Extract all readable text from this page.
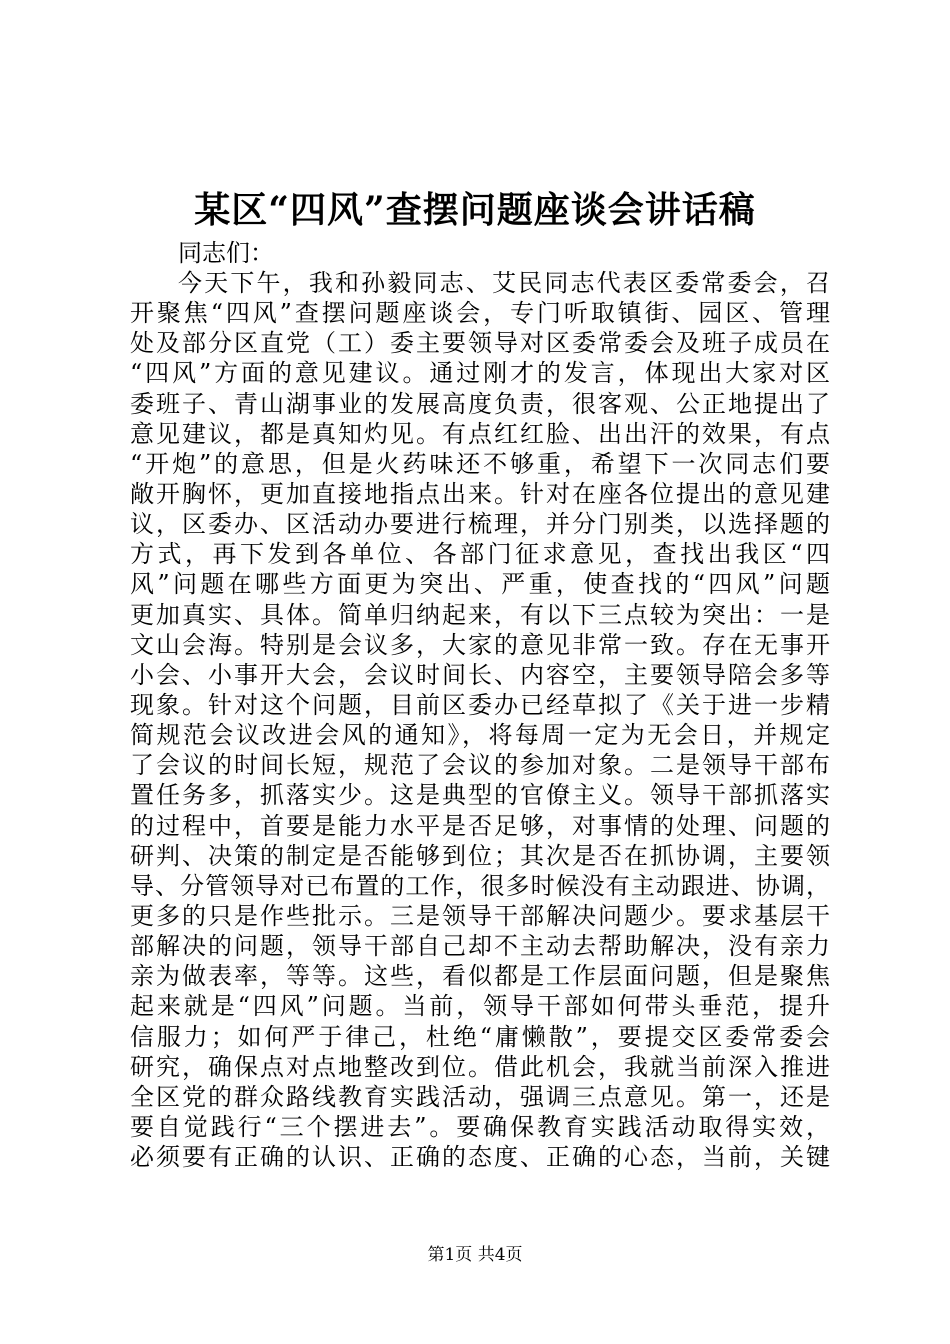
某区“四风”查摆问题座谈会讲话稿
同志们：
今天下午，我和孙毅同志、艾民同志代表区委常委会，召
开聚焦“四风”查摆问题座谈会，专门听取镇街、园区、管理
处及部分区直党（工）委主要领导对区委常委会及班子成员在
“四风”方面的意见建议。通过刚才的发言，体现出大家对区
委班子、青山湖事业的发展高度负责，很客观、公正地提出了
意见建议，都是真知灼见。有点红红脸、出出汗的效果，有点
“开炮”的意思，但是火药味还不够重，希望下一次同志们要
敞开胸怀，更加直接地指点出来。针对在座各位提出的意见建
议，区委办、区活动办要进行梳理，并分门别类，以选择题的
方式，再下发到各单位、各部门征求意见，查找出我区“四
风”问题在哪些方面更为突出、严重，使查找的“四风”问题
更加真实、具体。简单归纳起来，有以下三点较为突出：一是
文山会海。特别是会议多，大家的意见非常一致。存在无事开
小会、小事开大会，会议时间长、内容空，主要领导陪会多等
现象。针对这个问题，目前区委办已经草拟了《关于进一步精
简规范会议改进会风的通知》，将每周一定为无会日，并规定
了会议的时间长短，规范了会议的参加对象。二是领导干部布
置任务多，抓落实少。这是典型的官僚主义。领导干部抓落实
的过程中，首要是能力水平是否足够，对事情的处理、问题的
研判、决策的制定是否能够到位；其次是否在抓协调，主要领
导、分管领导对已布置的工作，很多时候没有主动跟进、协调，
更多的只是作些批示。三是领导干部解决问题少。要求基层干
部解决的问题，领导干部自己却不主动去帮助解决，没有亲力
亲为做表率，等等。这些，看似都是工作层面问题，但是聚焦
起来就是“四风”问题。当前，领导干部如何带头垂范，提升
信服力；如何严于律己，杜绝“庸懒散”，要提交区委常委会
研究，确保点对点地整改到位。借此机会，我就当前深入推进
全区党的群众路线教育实践活动，强调三点意见。第一，还是
要自觉践行“三个摆进去”。要确保教育实践活动取得实效，
必须要有正确的认识、正确的态度、正确的心态，当前，关键
第1页 共4页
